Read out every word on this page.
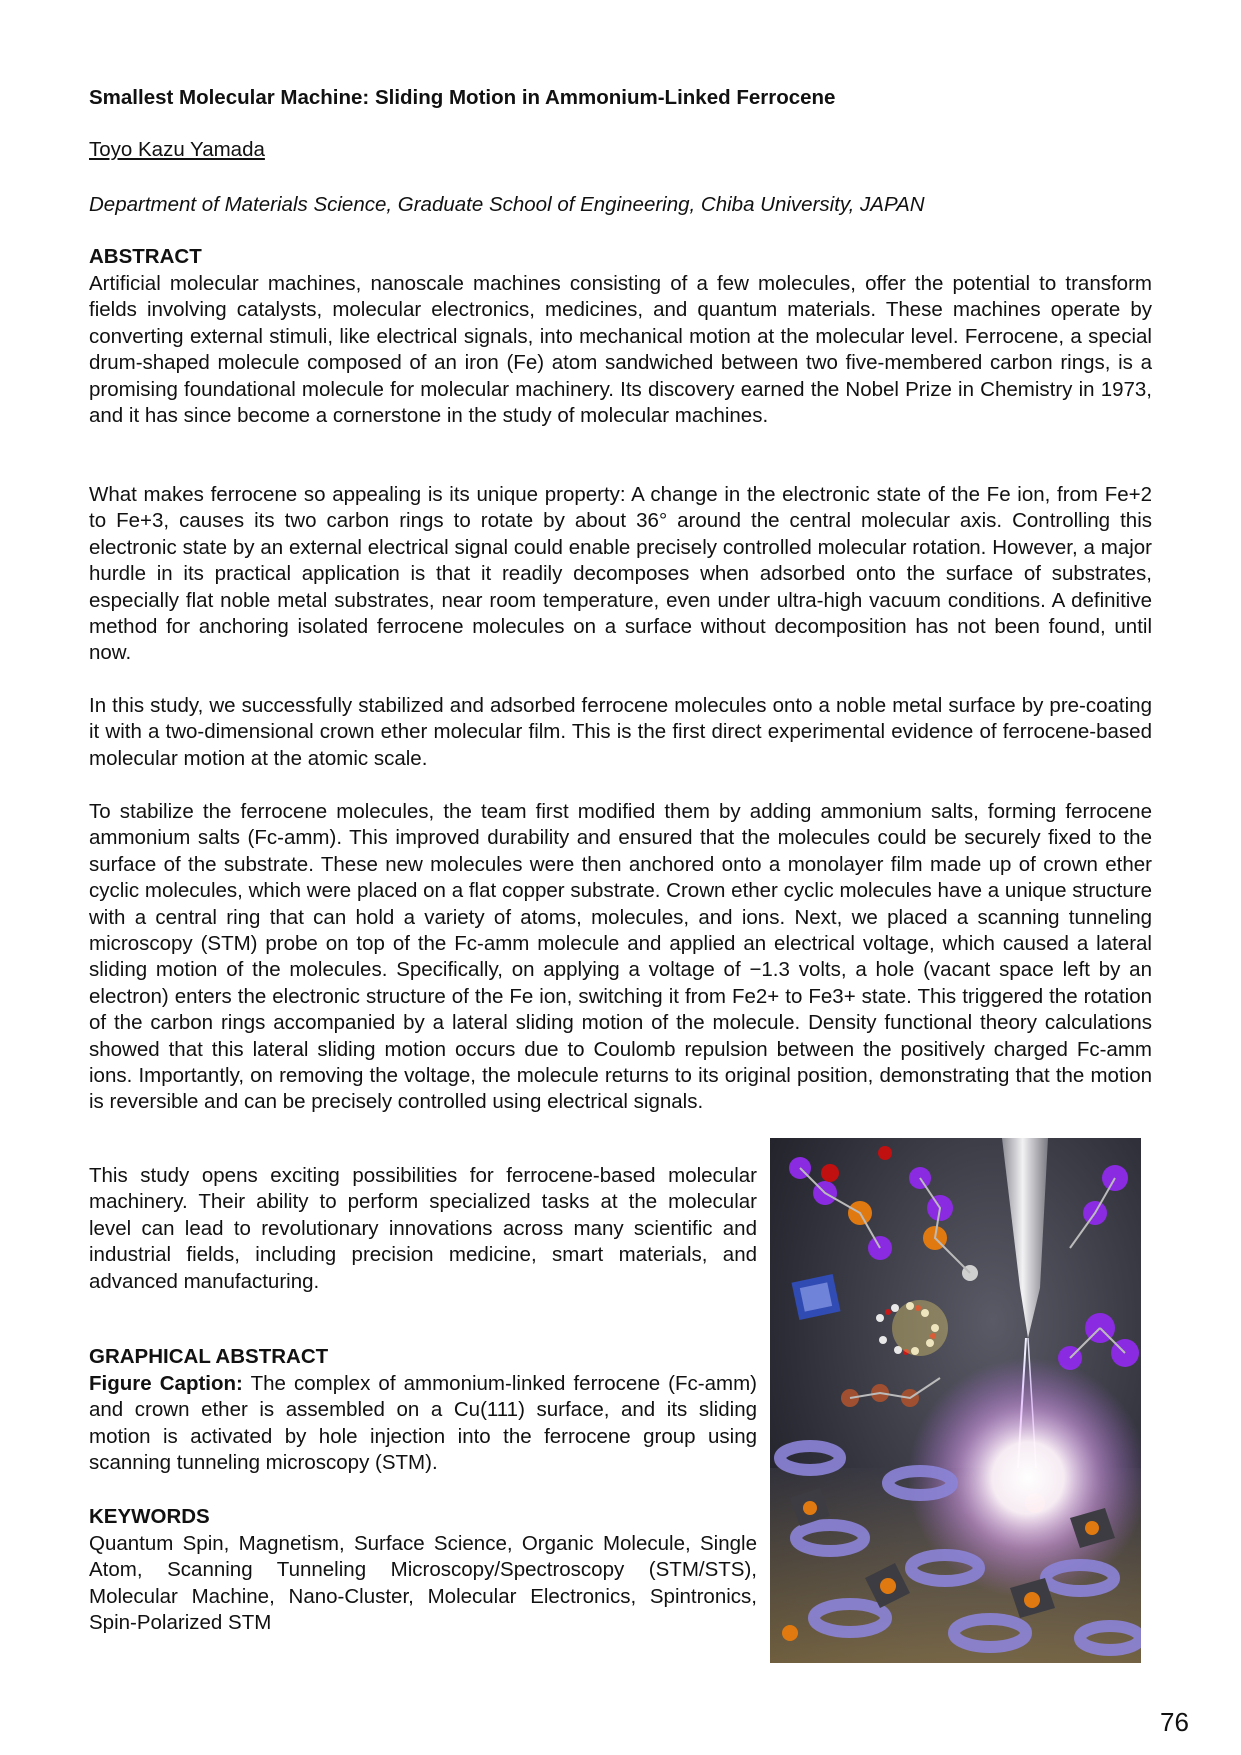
Smallest Molecular Machine: Sliding Motion in Ammonium-Linked Ferrocene
Toyo Kazu Yamada
Department of Materials Science, Graduate School of Engineering, Chiba University, JAPAN
ABSTRACT

Artificial molecular machines, nanoscale machines consisting of a few molecules, offer the potential to transform fields involving catalysts, molecular electronics, medicines, and quantum materials. These machines operate by converting external stimuli, like electrical signals, into mechanical motion at the molecular level. Ferrocene, a special drum-shaped molecule composed of an iron (Fe) atom sandwiched between two five-membered carbon rings, is a promising foundational molecule for molecular machinery. Its discovery earned the Nobel Prize in Chemistry in 1973, and it has since become a cornerstone in the study of molecular machines.

What makes ferrocene so appealing is its unique property: A change in the electronic state of the Fe ion, from Fe+2 to Fe+3, causes its two carbon rings to rotate by about 36° around the central molecular axis. Controlling this electronic state by an external electrical signal could enable precisely controlled molecular rotation. However, a major hurdle in its practical application is that it readily decomposes when adsorbed onto the surface of substrates, especially flat noble metal substrates, near room temperature, even under ultra-high vacuum conditions. A definitive method for anchoring isolated ferrocene molecules on a surface without decomposition has not been found, until now.

In this study, we successfully stabilized and adsorbed ferrocene molecules onto a noble metal surface by pre-coating it with a two-dimensional crown ether molecular film. This is the first direct experimental evidence of ferrocene-based molecular motion at the atomic scale.

To stabilize the ferrocene molecules, the team first modified them by adding ammonium salts, forming ferrocene ammonium salts (Fc-amm). This improved durability and ensured that the molecules could be securely fixed to the surface of the substrate. These new molecules were then anchored onto a monolayer film made up of crown ether cyclic molecules, which were placed on a flat copper substrate. Crown ether cyclic molecules have a unique structure with a central ring that can hold a variety of atoms, molecules, and ions. Next, we placed a scanning tunneling microscopy (STM) probe on top of the Fc-amm molecule and applied an electrical voltage, which caused a lateral sliding motion of the molecules. Specifically, on applying a voltage of −1.3 volts, a hole (vacant space left by an electron) enters the electronic structure of the Fe ion, switching it from Fe2+ to Fe3+ state. This triggered the rotation of the carbon rings accompanied by a lateral sliding motion of the molecule. Density functional theory calculations showed that this lateral sliding motion occurs due to Coulomb repulsion between the positively charged Fc-amm ions. Importantly, on removing the voltage, the molecule returns to its original position, demonstrating that the motion is reversible and can be precisely controlled using electrical signals.

This study opens exciting possibilities for ferrocene-based molecular machinery. Their ability to perform specialized tasks at the molecular level can lead to revolutionary innovations across many scientific and industrial fields, including precision medicine, smart materials, and advanced manufacturing.

GRAPHICAL ABSTRACT

Figure Caption: The complex of ammonium-linked ferrocene (Fc-amm) and crown ether is assembled on a Cu(111) surface, and its sliding motion is activated by hole injection into the ferrocene group using scanning tunneling microscopy (STM).

KEYWORDS

Quantum Spin, Magnetism, Surface Science, Organic Molecule, Single Atom, Scanning Tunneling Microscopy/Spectroscopy (STM/STS), Molecular Machine, Nano-Cluster, Molecular Electronics, Spintronics, Spin-Polarized STM

76
